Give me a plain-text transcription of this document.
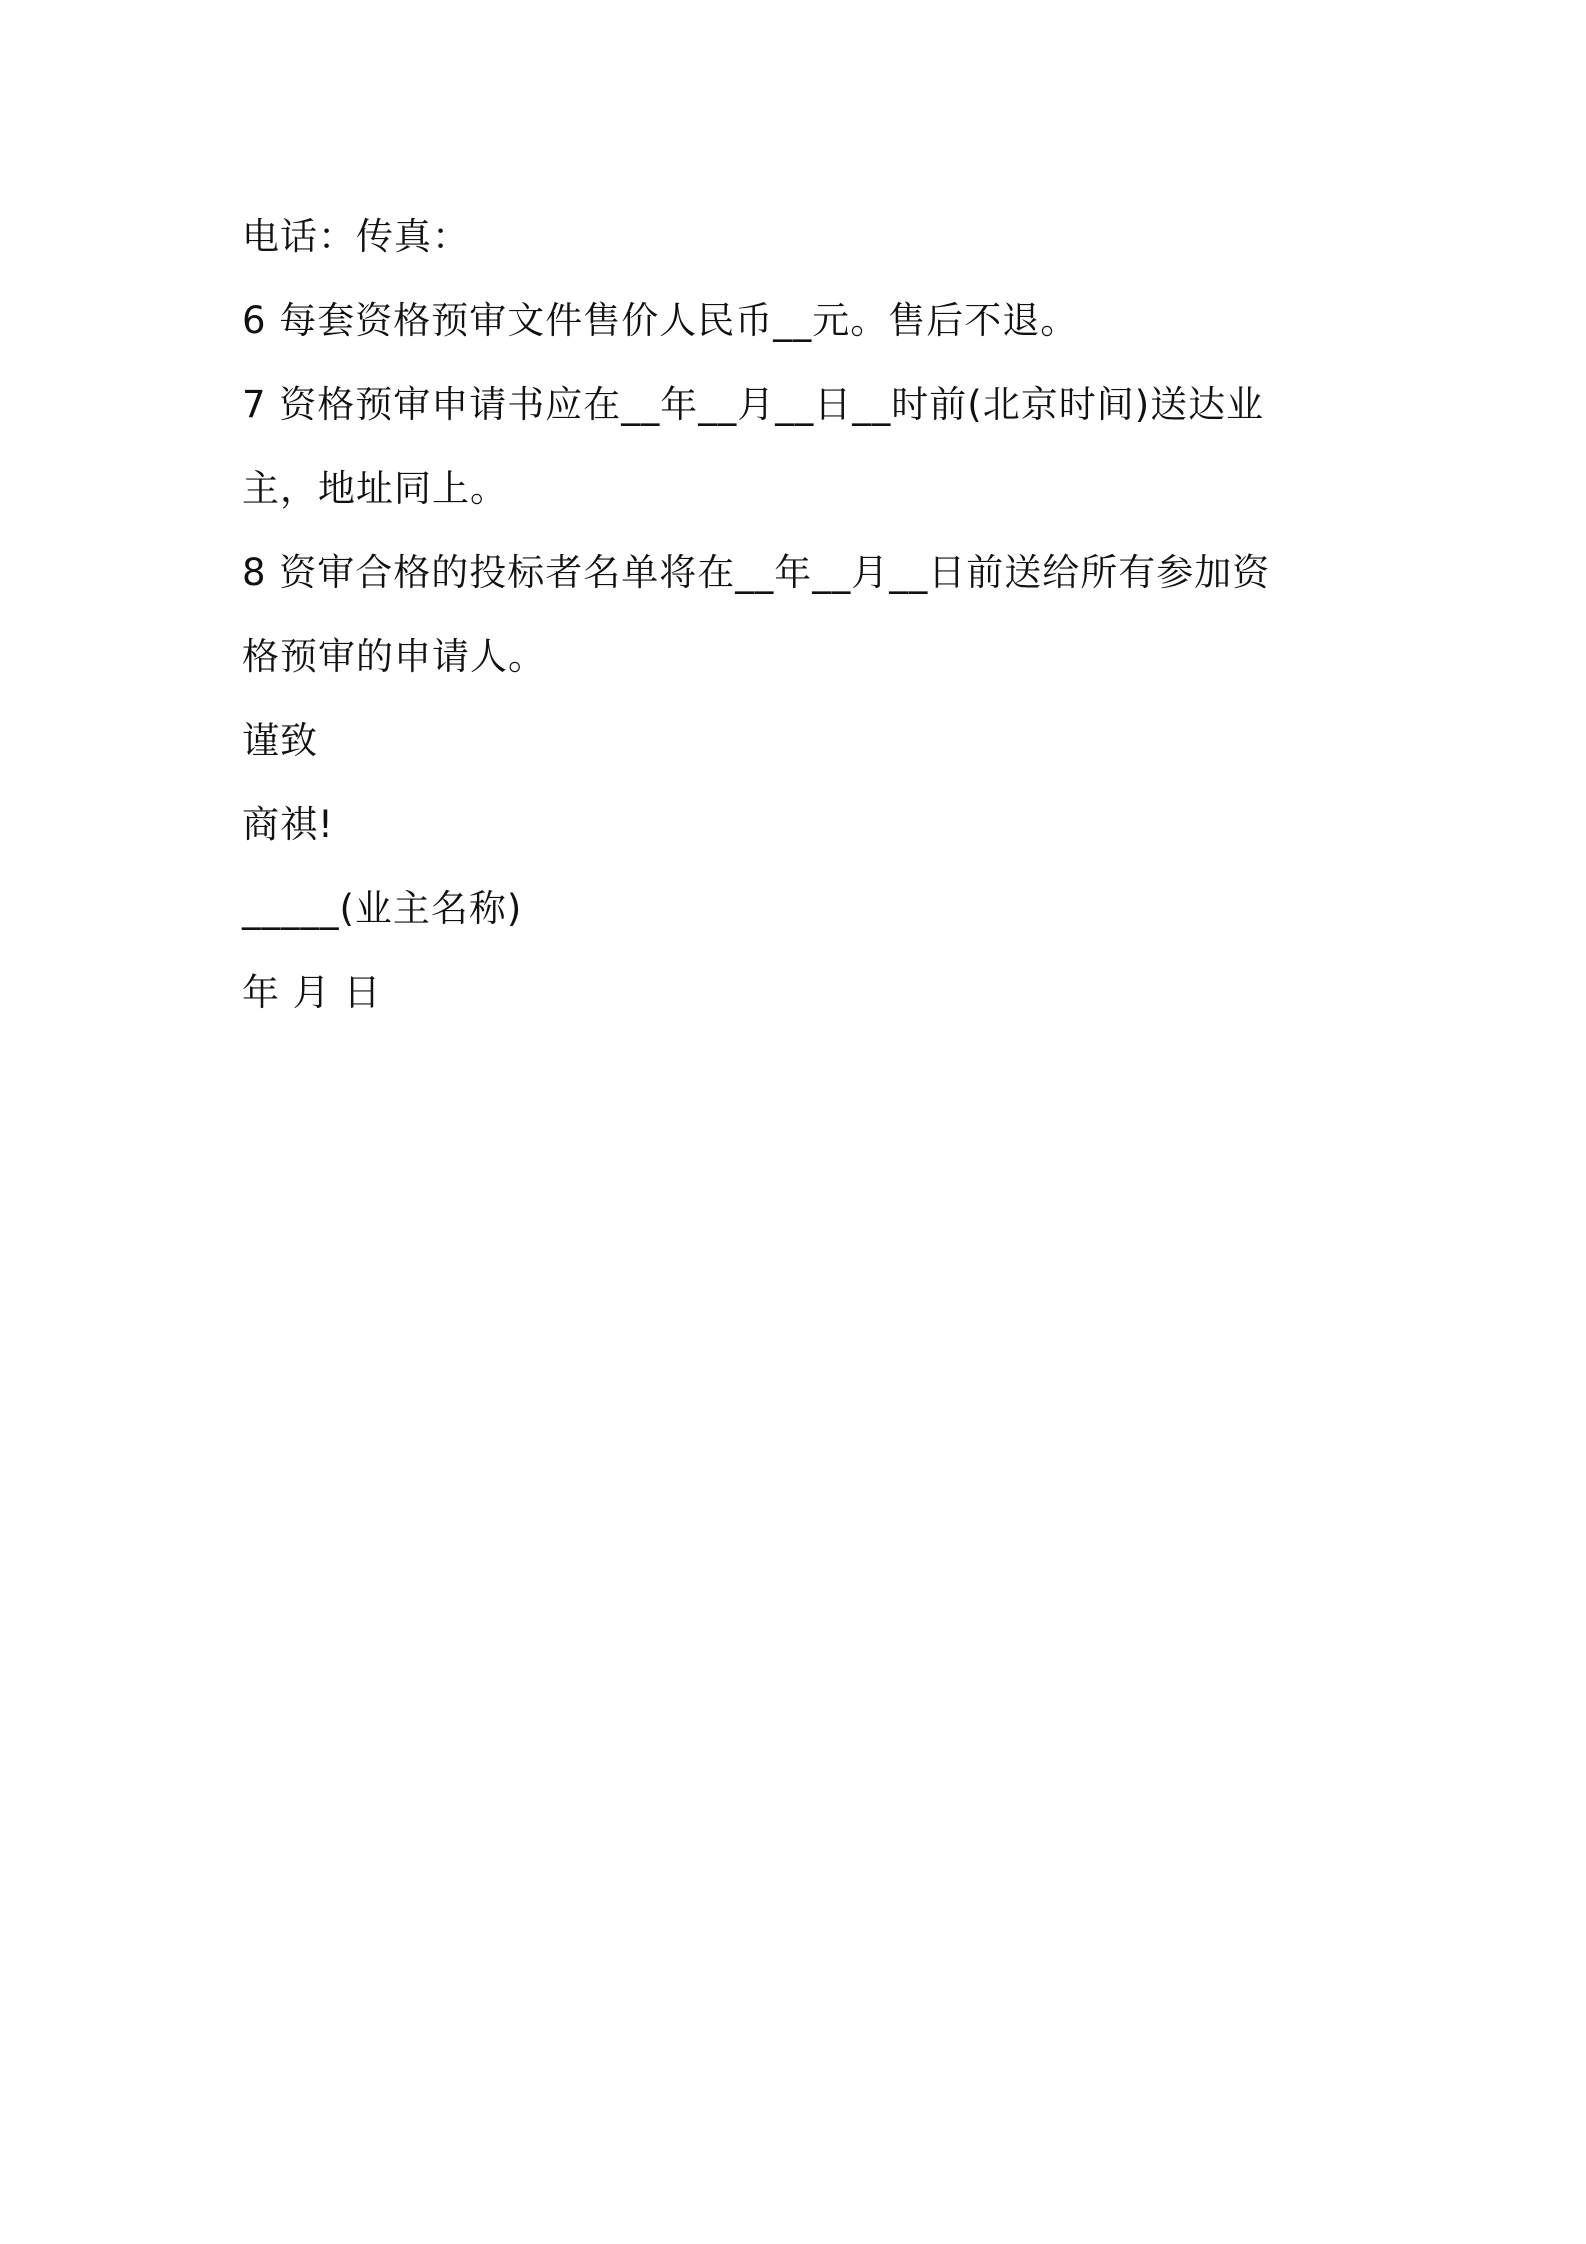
电话：传真：
6 每套资格预审文件售价人民币__元。售后不退。
7 资格预审申请书应在__年__月__日__时前(北京时间)送达业
主，地址同上。
8 资审合格的投标者名单将在__年__月__日前送给所有参加资
格预审的申请人。
谨致
商祺!
_____(业主名称)
年 月 日
